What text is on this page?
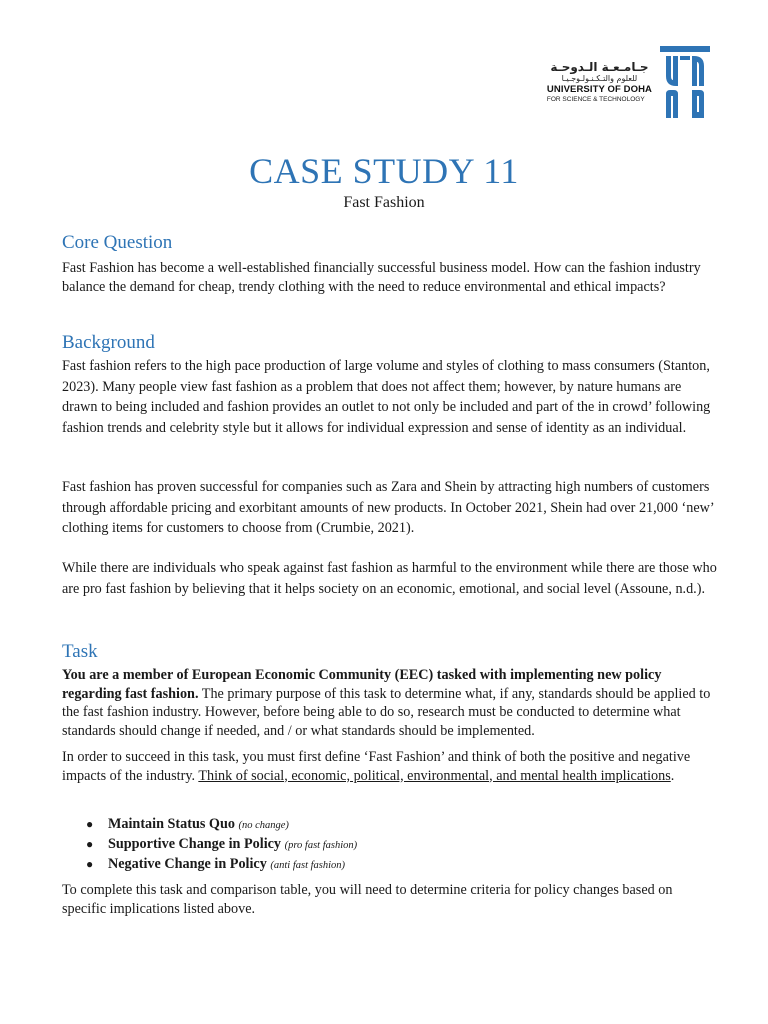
جـامـعـة الـدوحـة
للعلوم والتـكـنـولـوجـيـا
UNIVERSITY OF DOHA
FOR SCIENCE & TECHNOLOGY
CASE STUDY 11
Fast Fashion
Core Question
Fast Fashion has become a well-established financially successful business model. How can the fashion industry balance the demand for cheap, trendy clothing with the need to reduce environmental and ethical impacts?
Background
Fast fashion refers to the high pace production of large volume and styles of clothing to mass consumers (Stanton, 2023). Many people view fast fashion as a problem that does not affect them; however, by nature humans are drawn to being included and fashion provides an outlet to not only be included and part of the in crowd’ following fashion trends and celebrity style but it allows for individual expression and sense of identity as an individual.
Fast fashion has proven successful for companies such as Zara and Shein by attracting high numbers of customers through affordable pricing and exorbitant amounts of new products. In October 2021, Shein had over 21,000 ‘new’ clothing items for customers to choose from (Crumbie, 2021).
While there are individuals who speak against fast fashion as harmful to the environment while there are those who are pro fast fashion by believing that it helps society on an economic, emotional, and social level (Assoune, n.d.).
Task
You are a member of European Economic Community (EEC) tasked with implementing new policy regarding fast fashion. The primary purpose of this task to determine what, if any, standards should be applied to the fast fashion industry. However, before being able to do so, research must be conducted to determine what standards should change if needed, and / or what standards should be implemented.
In order to succeed in this task, you must first define ‘Fast Fashion’ and think of both the positive and negative impacts of the industry. Think of social, economic, political, environmental, and mental health implications.
● Maintain Status Quo (no change)
● Supportive Change in Policy (pro fast fashion)
● Negative Change in Policy (anti fast fashion)
To complete this task and comparison table, you will need to determine criteria for policy changes based on specific implications listed above.
